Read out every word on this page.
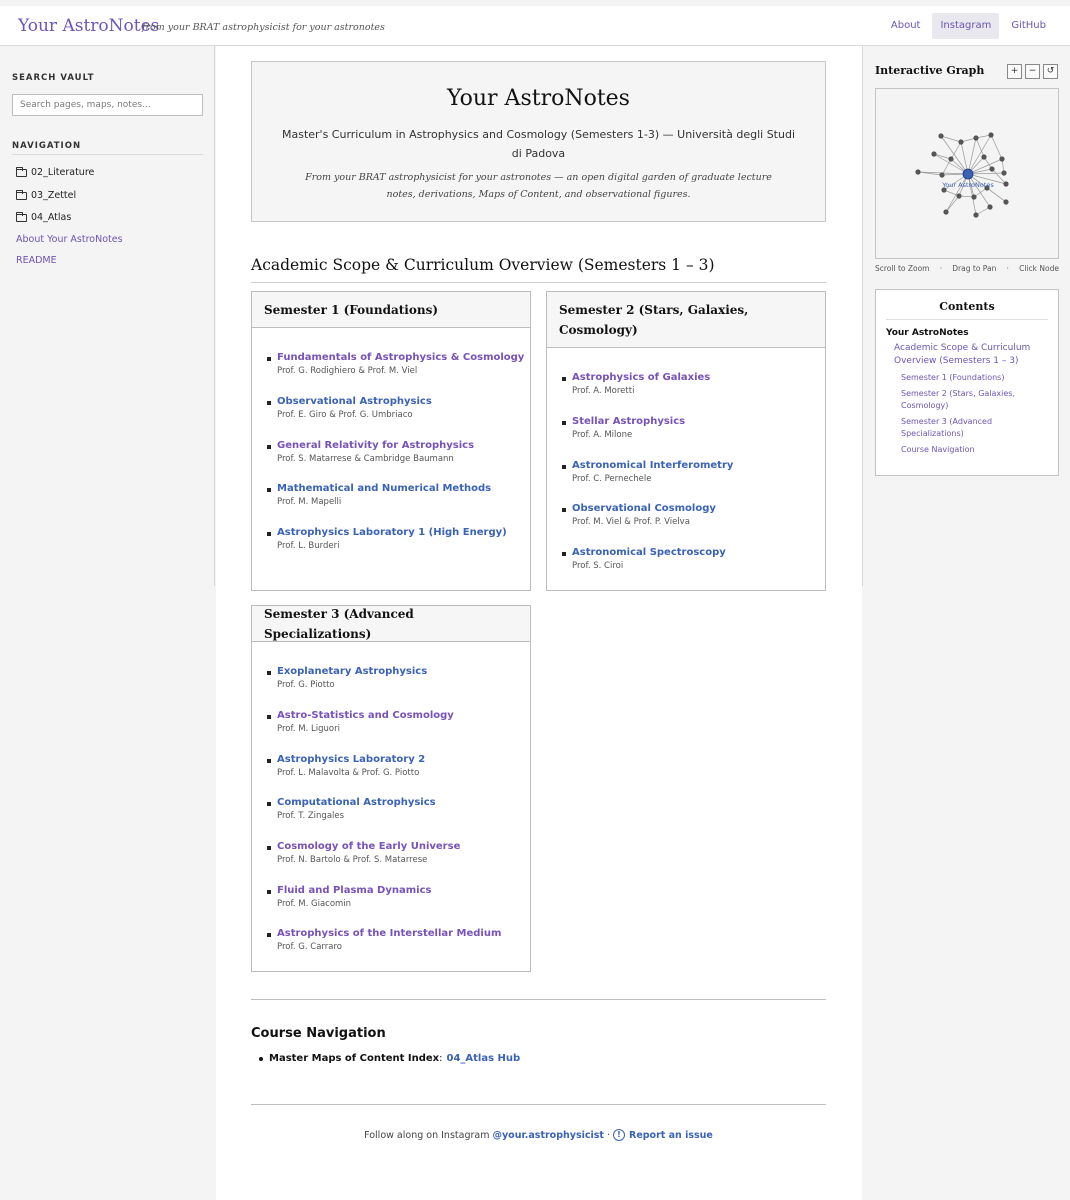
Your AstroNotes
from your BRAT astrophysicist for your astronotes	About	Instagram	GitHub
SEARCH VAULT
Search pages, maps, notes...
NAVIGATION
02_Literature
03_Zettel
04_Atlas
About Your AstroNotes
README
Your AstroNotes

Master's Curriculum in Astrophysics and Cosmology (Semesters 1-3) — Università degli Studi di Padova

From your BRAT astrophysicist for your astronotes — an open digital garden of graduate lecture notes, derivations, Maps of Content, and observational figures.

Academic Scope & Curriculum Overview (Semesters 1 – 3)
Semester 1 (Foundations)
Fundamentals of Astrophysics & Cosmology
Prof. G. Rodighiero & Prof. M. Viel
Observational Astrophysics
Prof. E. Giro & Prof. G. Umbriaco
General Relativity for Astrophysics
Prof. S. Matarrese & Cambridge Baumann
Mathematical and Numerical Methods
Prof. M. Mapelli
Astrophysics Laboratory 1 (High Energy)
Prof. L. Burderi
Semester 2 (Stars, Galaxies, Cosmology)
Astrophysics of Galaxies
Prof. A. Moretti
Stellar Astrophysics
Prof. A. Milone
Astronomical Interferometry
Prof. C. Pernechele
Observational Cosmology
Prof. M. Viel & Prof. P. Vielva
Astronomical Spectroscopy
Prof. S. Ciroi
Semester 3 (Advanced Specializations)
Exoplanetary Astrophysics
Prof. G. Piotto
Astro-Statistics and Cosmology
Prof. M. Liguori
Astrophysics Laboratory 2
Prof. L. Malavolta & Prof. G. Piotto
Computational Astrophysics
Prof. T. Zingales
Cosmology of the Early Universe
Prof. N. Bartolo & Prof. S. Matarrese
Fluid and Plasma Dynamics
Prof. M. Giacomin
Astrophysics of the Interstellar Medium
Prof. G. Carraro
Course Navigation
Master Maps of Content Index : 04_Atlas Hub
Follow along on Instagram @your.astrophysicist · ! Report an issue
Interactive Graph	+	−	↺
Your AstroNotes
Scroll to Zoom · Drag to Pan · Click Node
Contents
Your AstroNotes
Academic Scope & Curriculum Overview (Semesters 1 – 3)
Semester 1 (Foundations)
Semester 2 (Stars, Galaxies, Cosmology)
Semester 3 (Advanced Specializations)
Course Navigation
